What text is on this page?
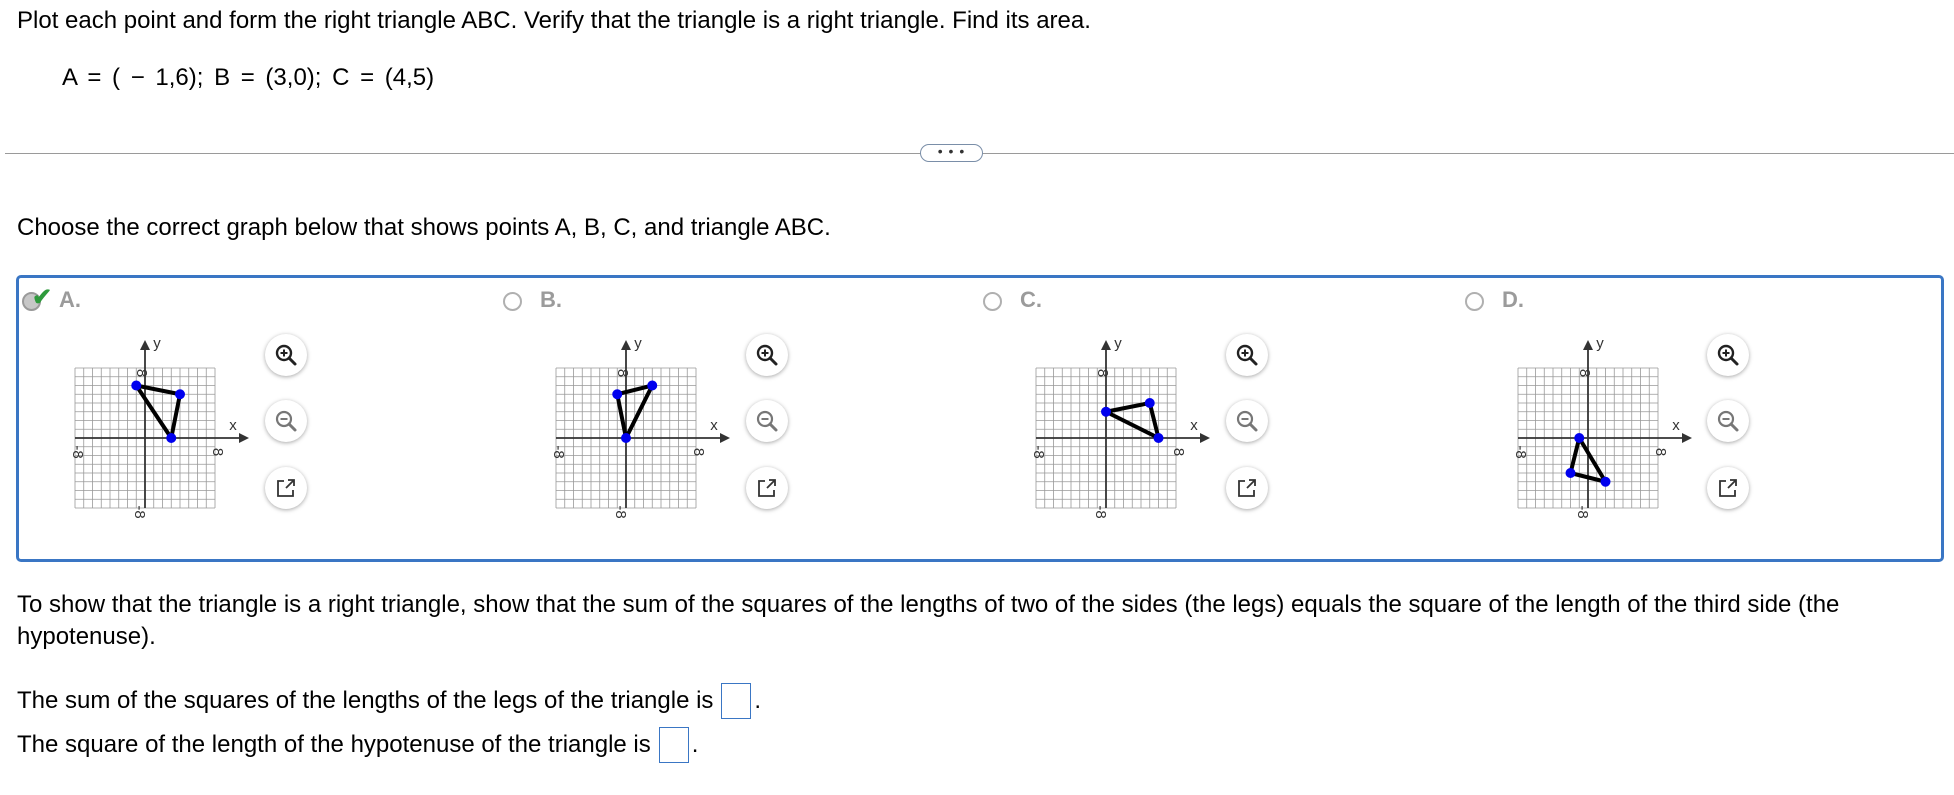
Plot each point and form the right triangle ABC. Verify that the triangle is a right triangle. Find its area.
A = ( − 1,6); B = (3,0); C = (4,5)
• • •
Choose the correct graph below that shows points A, B, C, and triangle ABC.
✔ A.
x
y
8
-8
8
-8
B.
x
y
8
-8
8
-8
C.
x
y
8
-8
8
-8
D.
x
y
8
-8
8
-8
To show that the triangle is a right triangle, show that the sum of the squares of the lengths of two of the sides (the legs) equals the square of the length of the third side (the hypotenuse).
The sum of the squares of the lengths of the legs of the triangle is .
The square of the length of the hypotenuse of the triangle is .
